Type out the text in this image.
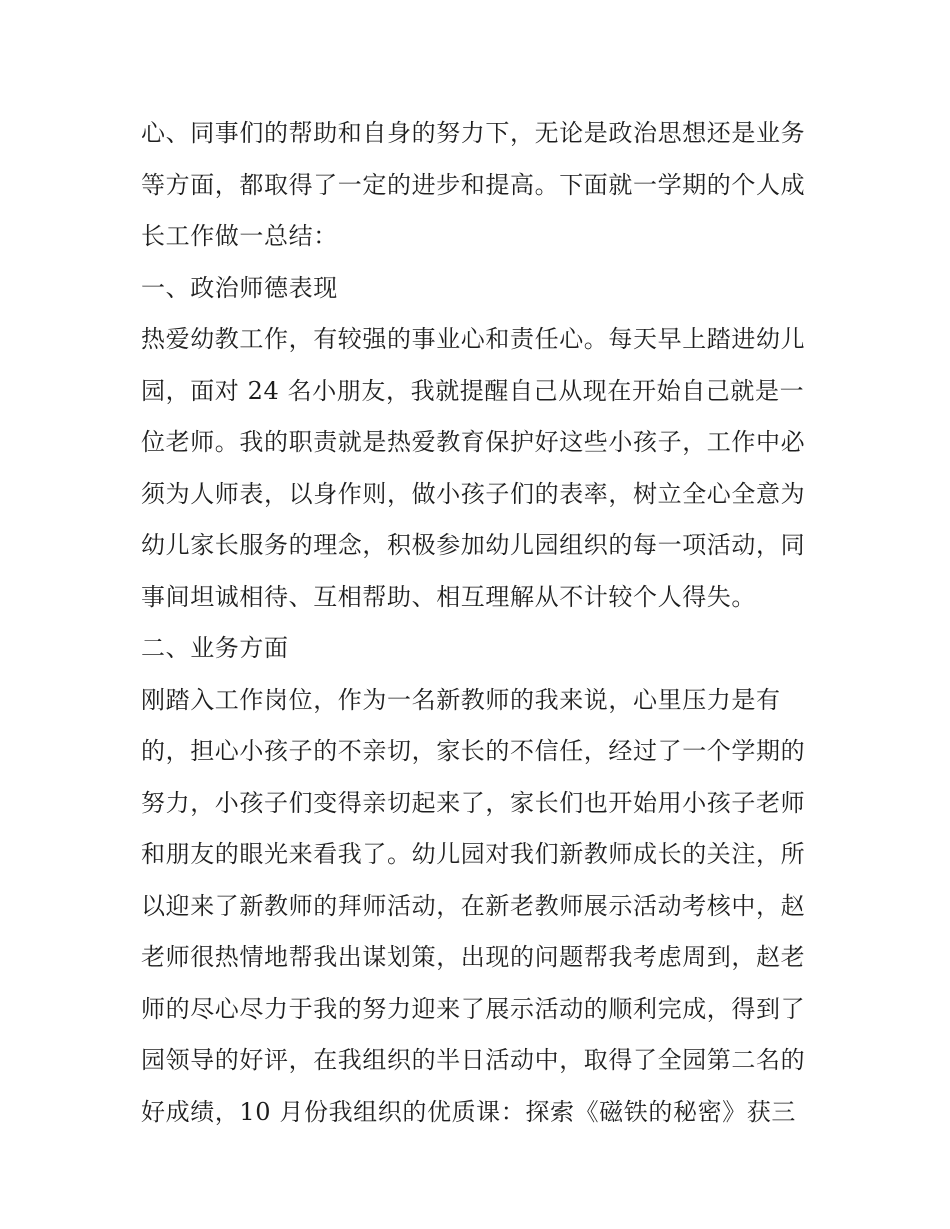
心、同事们的帮助和自身的努力下，无论是政治思想还是业务
等方面，都取得了一定的进步和提高。下面就一学期的个人成
长工作做一总结：
一、政治师德表现
热爱幼教工作，有较强的事业心和责任心。每天早上踏进幼儿
园，面对 24 名小朋友，我就提醒自己从现在开始自己就是一
位老师。我的职责就是热爱教育保护好这些小孩子，工作中必
须为人师表，以身作则，做小孩子们的表率，树立全心全意为
幼儿家长服务的理念，积极参加幼儿园组织的每一项活动，同
事间坦诚相待、互相帮助、相互理解从不计较个人得失。
二、业务方面
刚踏入工作岗位，作为一名新教师的我来说，心里压力是有
的，担心小孩子的不亲切，家长的不信任，经过了一个学期的
努力，小孩子们变得亲切起来了，家长们也开始用小孩子老师
和朋友的眼光来看我了。幼儿园对我们新教师成长的关注，所
以迎来了新教师的拜师活动，在新老教师展示活动考核中，赵
老师很热情地帮我出谋划策，出现的问题帮我考虑周到，赵老
师的尽心尽力于我的努力迎来了展示活动的顺利完成，得到了
园领导的好评，在我组织的半日活动中，取得了全园第二名的
好成绩，10 月份我组织的优质课：探索《磁铁的秘密》获三
